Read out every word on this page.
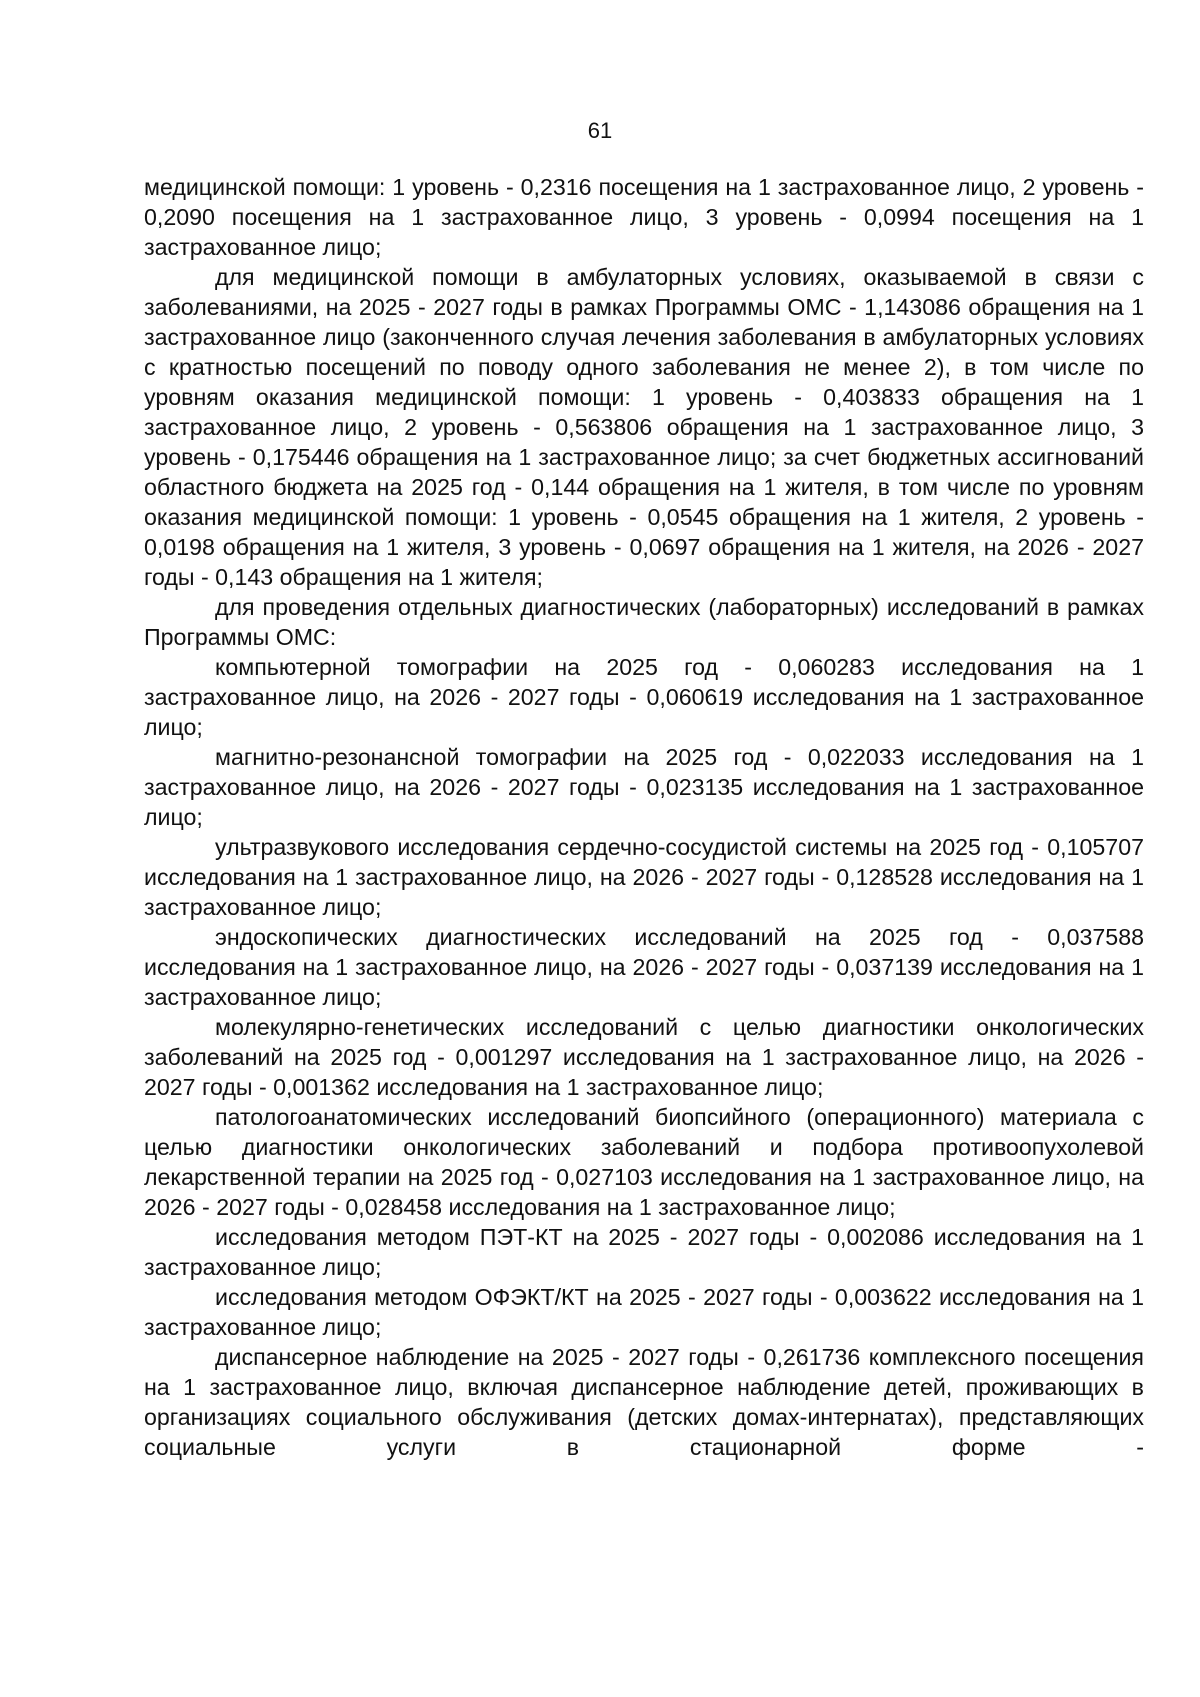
61

медицинской помощи: 1 уровень - 0,2316 посещения на 1 застрахованное лицо, 2 уровень - 0,2090 посещения на 1 застрахованное лицо, 3 уровень - 0,0994 посещения на 1 застрахованное лицо;

для медицинской помощи в амбулаторных условиях, оказываемой в связи с заболеваниями, на 2025 - 2027 годы в рамках Программы ОМС - 1,143086 обращения на 1 застрахованное лицо (законченного случая лечения заболевания в амбулаторных условиях с кратностью посещений по поводу одного заболевания не менее 2), в том числе по уровням оказания медицинской помощи: 1 уровень - 0,403833 обращения на 1 застрахованное лицо, 2 уровень - 0,563806 обращения на 1 застрахованное лицо, 3 уровень - 0,175446 обращения на 1 застрахованное лицо; за счет бюджетных ассигнований областного бюджета на 2025 год - 0,144 обращения на 1 жителя, в том числе по уровням оказания медицинской помощи: 1 уровень - 0,0545 обращения на 1 жителя, 2 уровень - 0,0198 обращения на 1 жителя, 3 уровень - 0,0697 обращения на 1 жителя, на 2026 - 2027 годы - 0,143 обращения на 1 жителя;

для проведения отдельных диагностических (лабораторных) исследований в рамках Программы ОМС:

компьютерной томографии на 2025 год - 0,060283 исследования на 1 застрахованное лицо, на 2026 - 2027 годы - 0,060619 исследования на 1 застрахованное лицо;

магнитно-резонансной томографии на 2025 год - 0,022033 исследования на 1 застрахованное лицо, на 2026 - 2027 годы - 0,023135 исследования на 1 застрахованное лицо;

ультразвукового исследования сердечно-сосудистой системы на 2025 год - 0,105707 исследования на 1 застрахованное лицо, на 2026 - 2027 годы - 0,128528 исследования на 1 застрахованное лицо;

эндоскопических диагностических исследований на 2025 год - 0,037588 исследования на 1 застрахованное лицо, на 2026 - 2027 годы - 0,037139 исследования на 1 застрахованное лицо;

молекулярно-генетических исследований с целью диагностики онкологических заболеваний на 2025 год - 0,001297 исследования на 1 застрахованное лицо, на 2026 - 2027 годы - 0,001362 исследования на 1 застрахованное лицо;

патологоанатомических исследований биопсийного (операционного) материала с целью диагностики онкологических заболеваний и подбора противоопухолевой лекарственной терапии на 2025 год - 0,027103 исследования на 1 застрахованное лицо, на 2026 - 2027 годы - 0,028458 исследования на 1 застрахованное лицо;

исследования методом ПЭТ-КТ на 2025 - 2027 годы - 0,002086 исследования на 1 застрахованное лицо;

исследования методом ОФЭКТ/КТ на 2025 - 2027 годы - 0,003622 исследования на 1 застрахованное лицо;

диспансерное наблюдение на 2025 - 2027 годы - 0,261736 комплексного посещения на 1 застрахованное лицо, включая диспансерное наблюдение детей, проживающих в организациях социального обслуживания (детских домах-интернатах), представляющих социальные услуги в стационарной форме -
